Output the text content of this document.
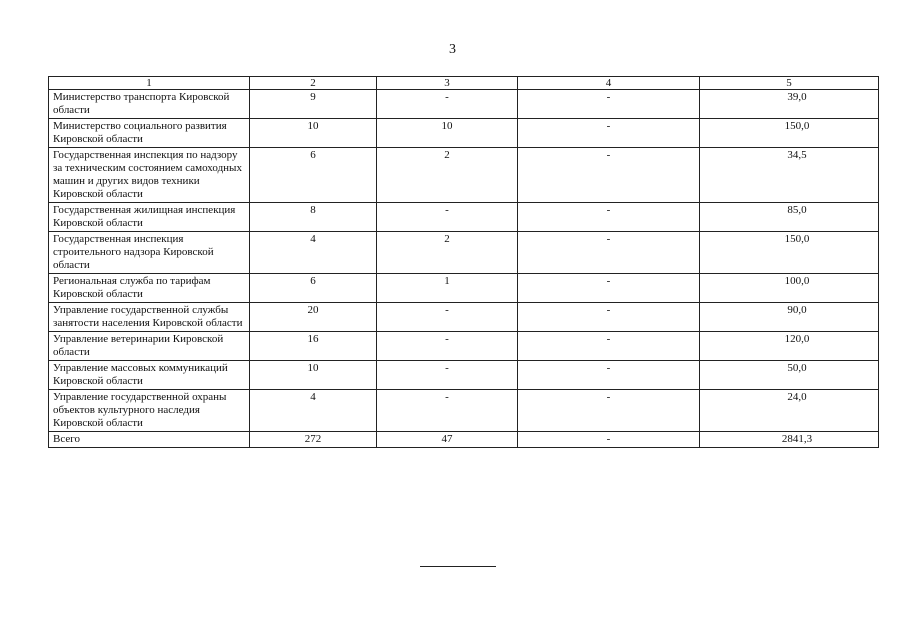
3
1	2	3	4	5
Министерство транспорта Кировской области	9	-	-	39,0
Министерство социального развития Кировской области	10	10	-	150,0
Государственная инспекция по надзору за техническим состоянием самоходных машин и других видов техники Кировской области	6	2	-	34,5
Государственная жилищная инспекция Кировской области	8	-	-	85,0
Государственная инспекция строительного надзора Кировской области	4	2	-	150,0
Региональная служба по тарифам Кировской области	6	1	-	100,0
Управление государственной службы занятости населения Кировской области	20	-	-	90,0
Управление ветеринарии Кировской области	16	-	-	120,0
Управление массовых коммуникаций Кировской области	10	-	-	50,0
Управление государственной охраны объектов культурного наследия Кировской области	4	-	-	24,0
Всего	272	47	-	2841,3
